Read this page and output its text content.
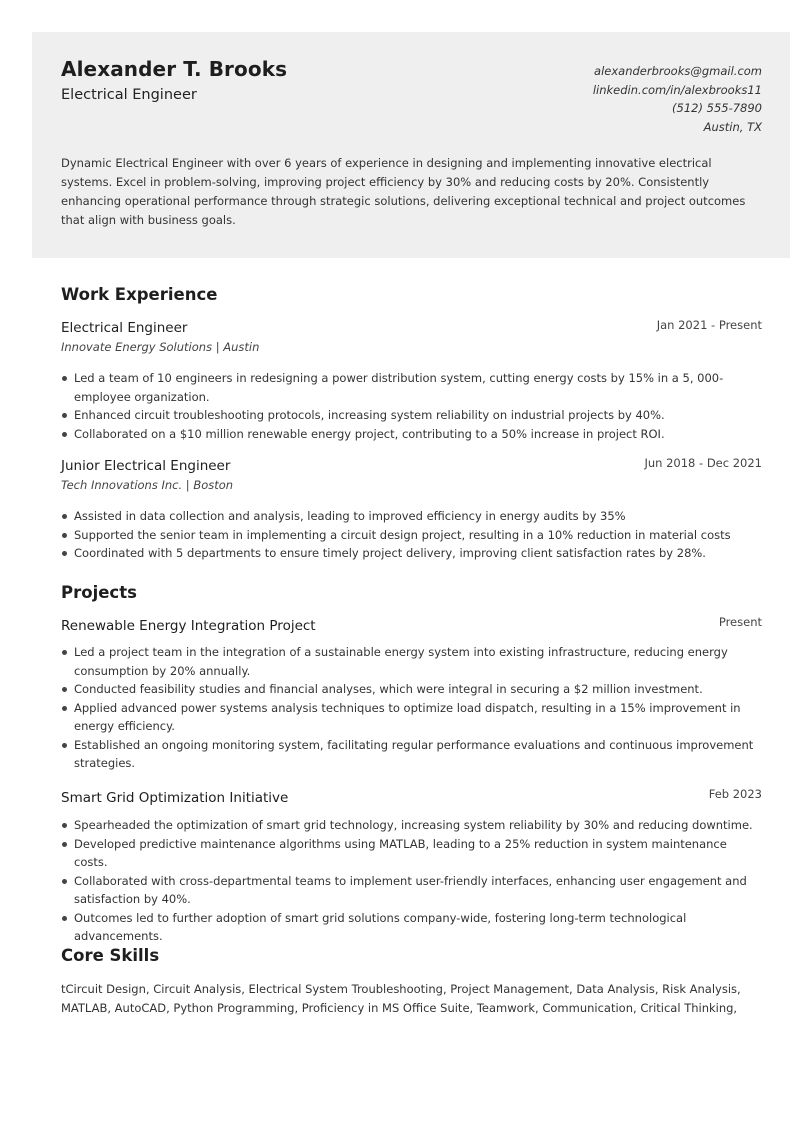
Alexander T. Brooks
Electrical Engineer
alexanderbrooks@gmail.com
linkedin.com/in/alexbrooks11
(512) 555-7890
Austin, TX
Dynamic Electrical Engineer with over 6 years of experience in designing and implementing innovative electrical systems. Excel in problem-solving, improving project efficiency by 30% and reducing costs by 20%. Consistently enhancing operational performance through strategic solutions, delivering exceptional technical and project outcomes that align with business goals.
Work Experience
Electrical Engineer	Jan 2021 - Present
Innovate Energy Solutions | Austin
Led a team of 10 engineers in redesigning a power distribution system, cutting energy costs by 15% in a 5, 000-employee organization.
Enhanced circuit troubleshooting protocols, increasing system reliability on industrial projects by 40%.
Collaborated on a $10 million renewable energy project, contributing to a 50% increase in project ROI.
Junior Electrical Engineer	Jun 2018 - Dec 2021
Tech Innovations Inc. | Boston
Assisted in data collection and analysis, leading to improved efficiency in energy audits by 35%
Supported the senior team in implementing a circuit design project, resulting in a 10% reduction in material costs
Coordinated with 5 departments to ensure timely project delivery, improving client satisfaction rates by 28%.
Projects
Renewable Energy Integration Project	Present
Led a project team in the integration of a sustainable energy system into existing infrastructure, reducing energy consumption by 20% annually.
Conducted feasibility studies and financial analyses, which were integral in securing a $2 million investment.
Applied advanced power systems analysis techniques to optimize load dispatch, resulting in a 15% improvement in energy efficiency.
Established an ongoing monitoring system, facilitating regular performance evaluations and continuous improvement strategies.
Smart Grid Optimization Initiative	Feb 2023
Spearheaded the optimization of smart grid technology, increasing system reliability by 30% and reducing downtime.
Developed predictive maintenance algorithms using MATLAB, leading to a 25% reduction in system maintenance costs.
Collaborated with cross-departmental teams to implement user-friendly interfaces, enhancing user engagement and satisfaction by 40%.
Outcomes led to further adoption of smart grid solutions company-wide, fostering long-term technological advancements.
Core Skills
tCircuit Design, Circuit Analysis, Electrical System Troubleshooting, Project Management, Data Analysis, Risk Analysis, MATLAB, AutoCAD, Python Programming, Proficiency in MS Office Suite, Teamwork, Communication, Critical Thinking,
